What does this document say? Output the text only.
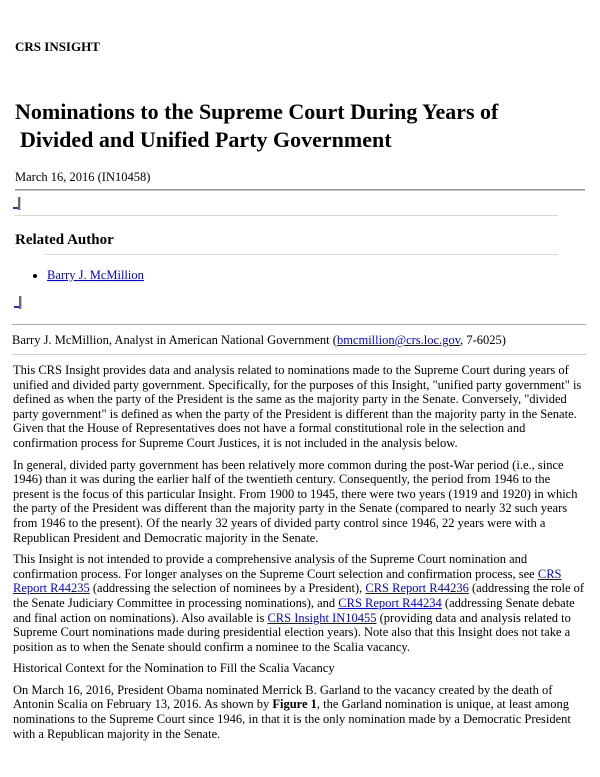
CRS INSIGHT
Nominations to the Supreme Court During Years of
Divided and Unified Party Government
March 16, 2016 (IN10458)
Related Author
• Barry J. McMillion

Barry J. McMillion, Analyst in American National Government (bmcmillion@crs.loc.gov, 7-6025)

This CRS Insight provides data and analysis related to nominations made to the Supreme Court during years of unified and divided party government. Specifically, for the purposes of this Insight, "unified party government" is defined as when the party of the President is the same as the majority party in the Senate. Conversely, "divided party government" is defined as when the party of the President is different than the majority party in the Senate. Given that the House of Representatives does not have a formal constitutional role in the selection and confirmation process for Supreme Court Justices, it is not included in the analysis below.

In general, divided party government has been relatively more common during the post-War period (i.e., since 1946) than it was during the earlier half of the twentieth century. Consequently, the period from 1946 to the present is the focus of this particular Insight. From 1900 to 1945, there were two years (1919 and 1920) in which the party of the President was different than the majority party in the Senate (compared to nearly 32 such years from 1946 to the present). Of the nearly 32 years of divided party control since 1946, 22 years were with a Republican President and Democratic majority in the Senate.

This Insight is not intended to provide a comprehensive analysis of the Supreme Court nomination and confirmation process. For longer analyses on the Supreme Court selection and confirmation process, see CRS Report R44235 (addressing the selection of nominees by a President), CRS Report R44236 (addressing the role of the Senate Judiciary Committee in processing nominations), and CRS Report R44234 (addressing Senate debate and final action on nominations). Also available is CRS Insight IN10455 (providing data and analysis related to Supreme Court nominations made during presidential election years). Note also that this Insight does not take a position as to when the Senate should confirm a nominee to the Scalia vacancy.

Historical Context for the Nomination to Fill the Scalia Vacancy

On March 16, 2016, President Obama nominated Merrick B. Garland to the vacancy created by the death of Antonin Scalia on February 13, 2016. As shown by Figure 1, the Garland nomination is unique, at least among nominations to the Supreme Court since 1946, in that it is the only nomination made by a Democratic President with a Republican majority in the Senate.
